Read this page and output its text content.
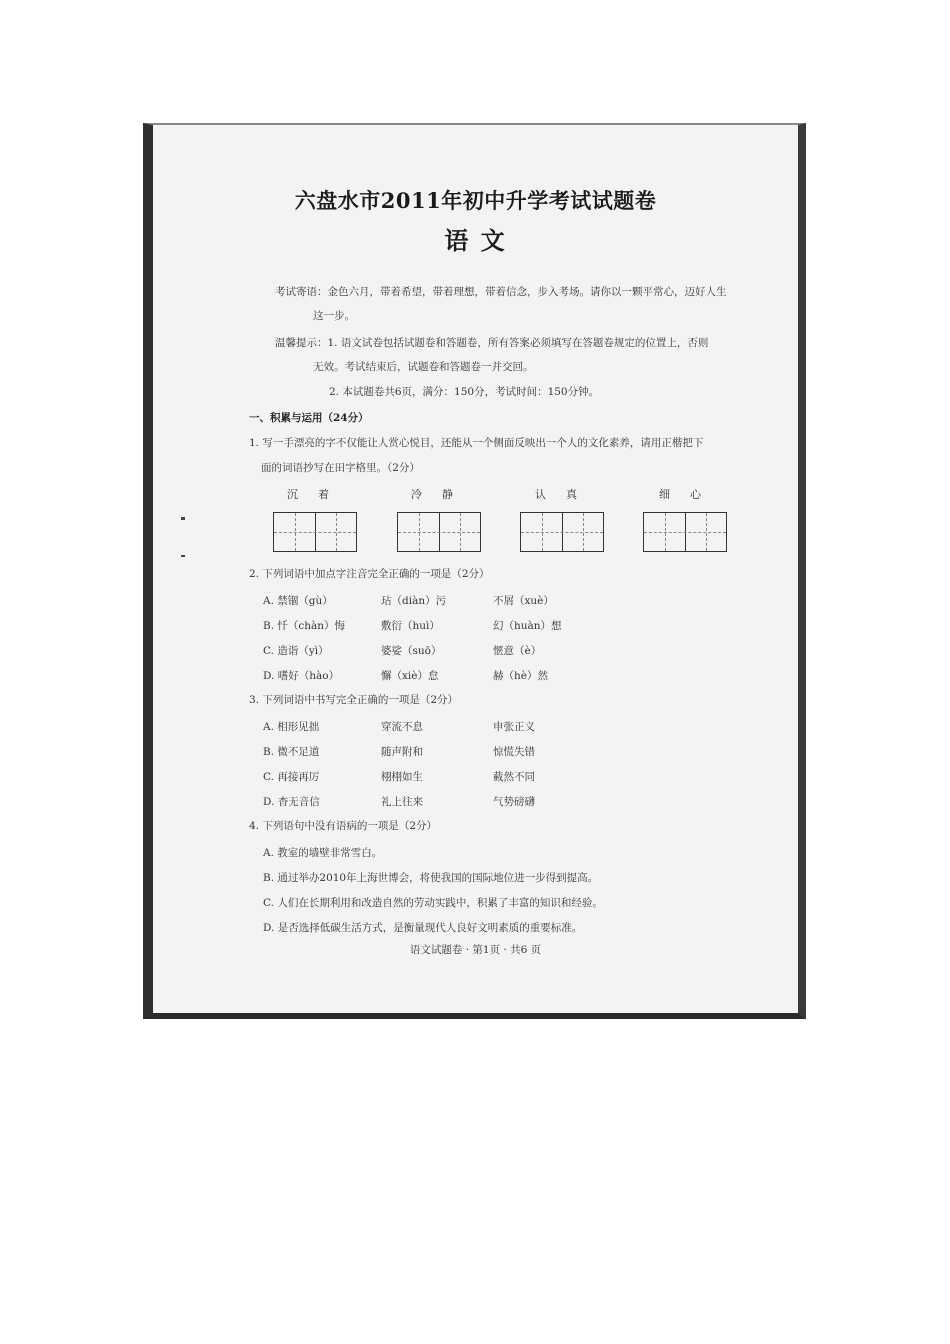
六盘水市2011年初中升学考试试题卷
语 文
考试寄语：金色六月，带着希望，带着理想，带着信念，步入考场。请你以一颗平常心，迈好人生
这一步。
温馨提示：1. 语文试卷包括试题卷和答题卷，所有答案必须填写在答题卷规定的位置上，否则
无效。考试结束后，试题卷和答题卷一并交回。
2. 本试题卷共6页，满分：150分，考试时间：150分钟。
一、积累与运用（24分）
1. 写一手漂亮的字不仅能让人赏心悦目，还能从一个侧面反映出一个人的文化素养，请用正楷把下
面的词语抄写在田字格里。（2分）
沉着	冷静	认真	细心
2. 下列词语中加点字注音完全正确的一项是（2分）
A. 禁锢（gù）	玷（diàn）污	不屑（xuè）
B. 忏（chàn）悔	敷衍（huì）	幻（huàn）想
C. 造诣（yì）	婆娑（suō）	惬意（è）
D. 嗜好（hào）	懈（xiè）怠	赫（hè）然
3. 下列词语中书写完全正确的一项是（2分）
A. 相形见拙	穿流不息	申张正义
B. 微不足道	随声附和	惊慌失错
C. 再接再厉	栩栩如生	截然不同
D. 杳无音信	礼上往来	气势磅礴
4. 下列语句中没有语病的一项是（2分）
A. 教室的墙壁非常雪白。
B. 通过举办2010年上海世博会，将使我国的国际地位进一步得到提高。
C. 人们在长期利用和改造自然的劳动实践中，积累了丰富的知识和经验。
D. 是否选择低碳生活方式，是衡量现代人良好文明素质的重要标准。
语文试题卷 · 第1页 · 共6 页
